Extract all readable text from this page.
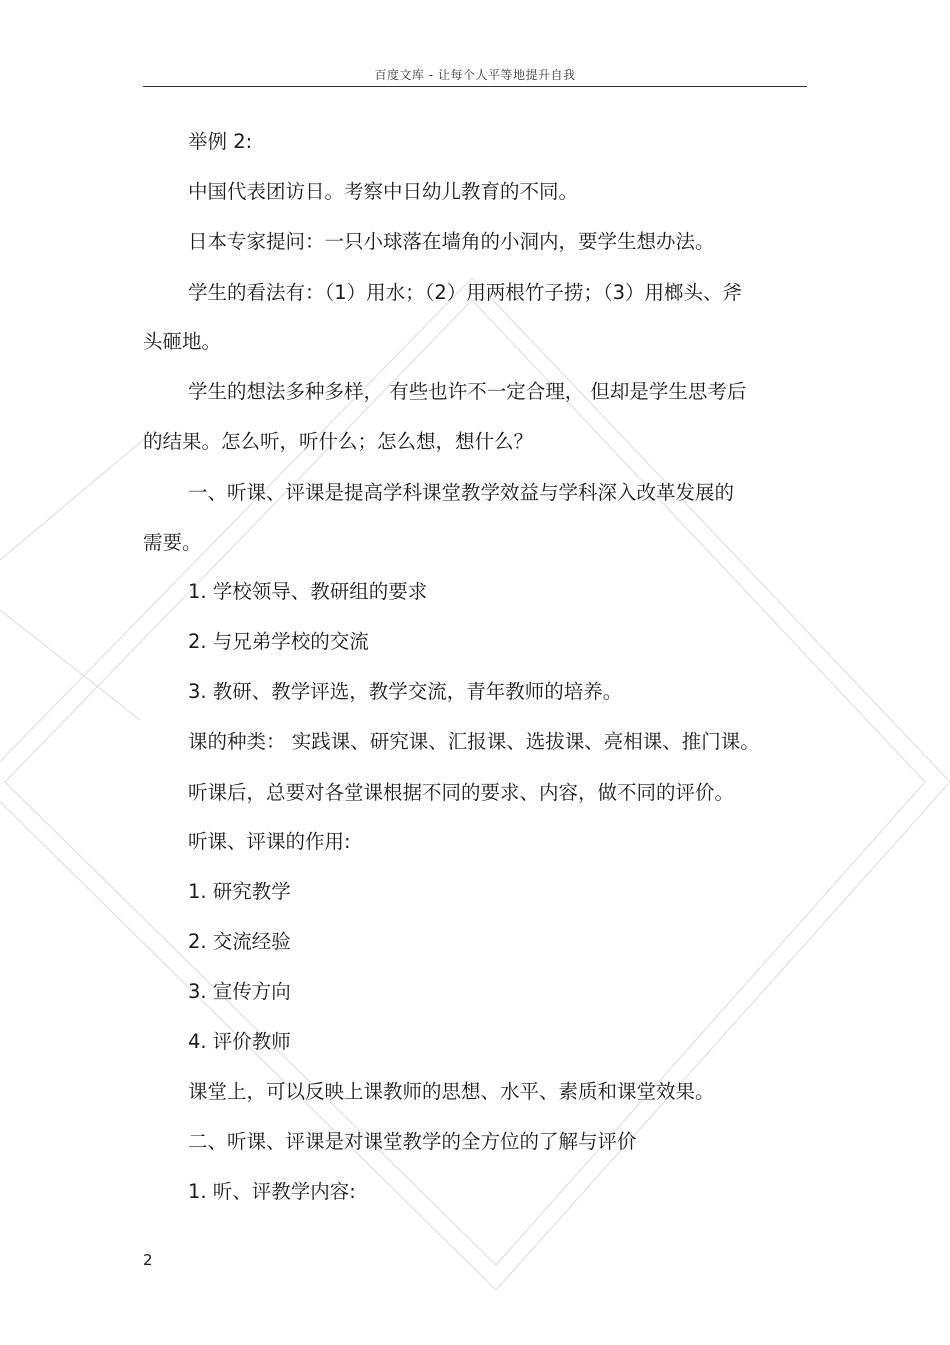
百度文库 - 让每个人平等地提升自我
举例 2:
中国代表团访日。考察中日幼儿教育的不同。
日本专家提问：一只小球落在墙角的小洞内，要学生想办法。
学生的看法有：（1）用水；（2）用两根竹子捞；（3）用榔头、斧
头砸地。
学生的想法多种多样， 有些也许不一定合理， 但却是学生思考后
的结果。怎么听，听什么；怎么想，想什么？
一、听课、评课是提高学科课堂教学效益与学科深入改革发展的
需要。
1. 学校领导、教研组的要求
2. 与兄弟学校的交流
3. 教研、教学评选，教学交流，青年教师的培养。
课的种类： 实践课、研究课、汇报课、选拔课、亮相课、推门课。
听课后，总要对各堂课根据不同的要求、内容，做不同的评价。
听课、评课的作用:
1. 研究教学
2. 交流经验
3. 宣传方向
4. 评价教师
课堂上，可以反映上课教师的思想、水平、素质和课堂效果。
二、听课、评课是对课堂教学的全方位的了解与评价
1. 听、评教学内容:
2
